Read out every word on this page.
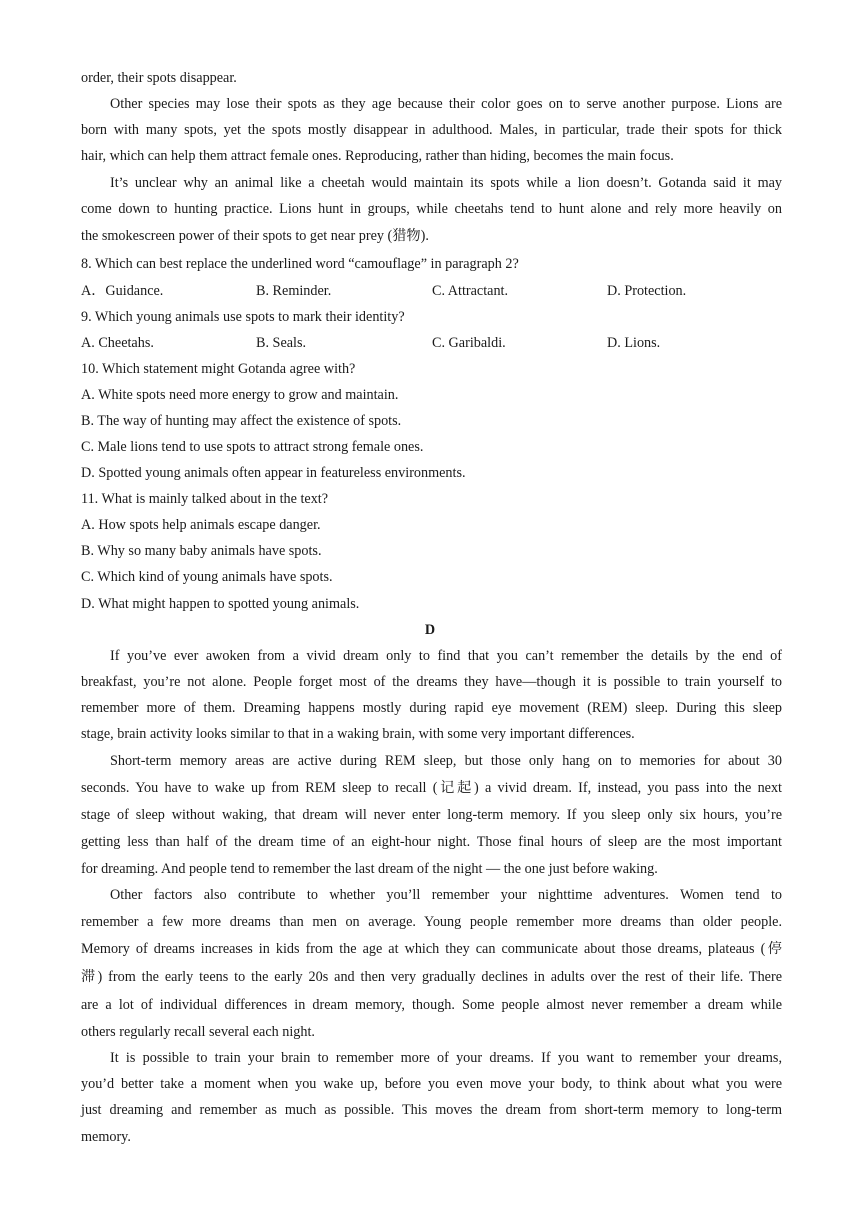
order, their spots disappear.
Other species may lose their spots as they age because their color goes on to serve another purpose. Lions are
born with many spots, yet the spots mostly disappear in adulthood. Males, in particular, trade their spots for thick
hair, which can help them attract female ones. Reproducing, rather than hiding, becomes the main focus.
It’s unclear why an animal like a cheetah would maintain its spots while a lion doesn’t. Gotanda said it may
come down to hunting practice. Lions hunt in groups, while cheetahs tend to hunt alone and rely more heavily on
the smokescreen power of their spots to get near prey (猎物).
8. Which can best replace the underlined word “camouflage” in paragraph 2?
A．Guidance.	B. Reminder.	C. Attractant.	D. Protection.
9. Which young animals use spots to mark their identity?
A. Cheetahs.	B. Seals.	C. Garibaldi.	D. Lions.
10. Which statement might Gotanda agree with?
A. White spots need more energy to grow and maintain.
B. The way of hunting may affect the existence of spots.
C. Male lions tend to use spots to attract strong female ones.
D. Spotted young animals often appear in featureless environments.
11. What is mainly talked about in the text?
A. How spots help animals escape danger.
B. Why so many baby animals have spots.
C. Which kind of young animals have spots.
D. What might happen to spotted young animals.
D
If you’ve ever awoken from a vivid dream only to find that you can’t remember the details by the end of
breakfast, you’re not alone. People forget most of the dreams they have—though it is possible to train yourself to
remember more of them. Dreaming happens mostly during rapid eye movement (REM) sleep. During this sleep
stage, brain activity looks similar to that in a waking brain, with some very important differences.
Short-term memory areas are active during REM sleep, but those only hang on to memories for about 30
seconds. You have to wake up from REM sleep to recall (记起) a vivid dream. If, instead, you pass into the next
stage of sleep without waking, that dream will never enter long-term memory. If you sleep only six hours, you’re
getting less than half of the dream time of an eight-hour night. Those final hours of sleep are the most important
for dreaming. And people tend to remember the last dream of the night — the one just before waking.
Other factors also contribute to whether you’ll remember your nighttime adventures. Women tend to
remember a few more dreams than men on average. Young people remember more dreams than older people.
Memory of dreams increases in kids from the age at which they can communicate about those dreams, plateaus (停
滞) from the early teens to the early 20s and then very gradually declines in adults over the rest of their life. There
are a lot of individual differences in dream memory, though. Some people almost never remember a dream while
others regularly recall several each night.
It is possible to train your brain to remember more of your dreams. If you want to remember your dreams,
you’d better take a moment when you wake up, before you even move your body, to think about what you were
just dreaming and remember as much as possible. This moves the dream from short-term memory to long-term
memory.
